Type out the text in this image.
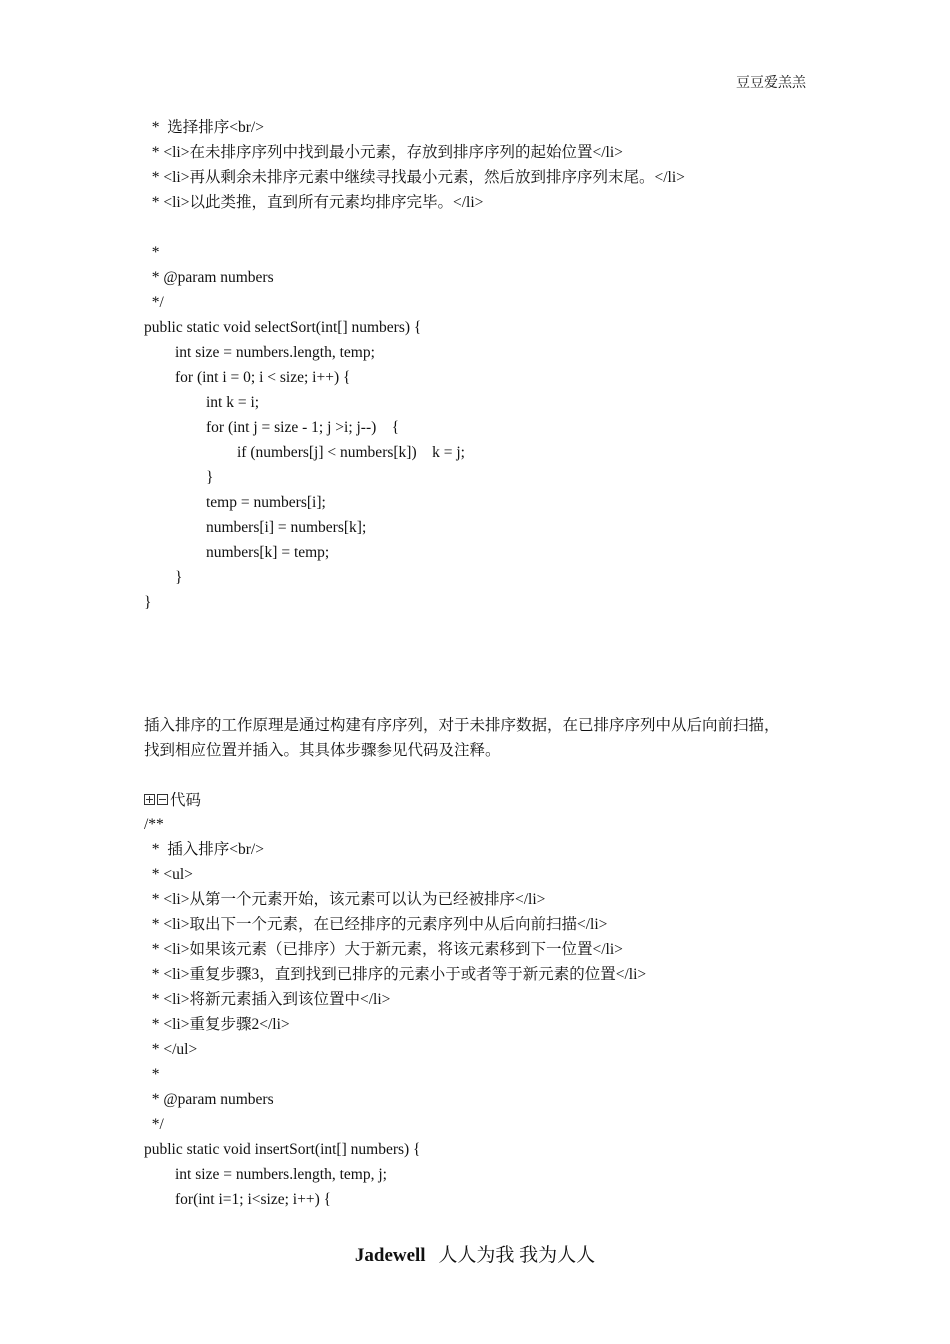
豆豆爱羔羔
*  选择排序<br/>
* <li>在未排序序列中找到最小元素，存放到排序序列的起始位置</li>
* <li>再从剩余未排序元素中继续寻找最小元素，然后放到排序序列末尾。</li>
* <li>以此类推，直到所有元素均排序完毕。</li>
*
* @param numbers
*/
public static void selectSort(int[] numbers) {
int size = numbers.length, temp;
for (int i = 0; i < size; i++) {
int k = i;
for (int j = size - 1; j >i; j--)    {
if (numbers[j] < numbers[k])    k = j;
}
temp = numbers[i];
numbers[i] = numbers[k];
numbers[k] = temp;
}
}
插入排序的工作原理是通过构建有序序列，对于未排序数据，在已排序序列中从后向前扫描，
找到相应位置并插入。其具体步骤参见代码及注释。
代码
/**
*  插入排序<br/>
* <ul>
* <li>从第一个元素开始，该元素可以认为已经被排序</li>
* <li>取出下一个元素，在已经排序的元素序列中从后向前扫描</li>
* <li>如果该元素（已排序）大于新元素，将该元素移到下一位置</li>
* <li>重复步骤3，直到找到已排序的元素小于或者等于新元素的位置</li>
* <li>将新元素插入到该位置中</li>
* <li>重复步骤2</li>
* </ul>
*
* @param numbers
*/
public static void insertSort(int[] numbers) {
int size = numbers.length, temp, j;
for(int i=1; i<size; i++) {
Jadewell 人人为我 我为人人
